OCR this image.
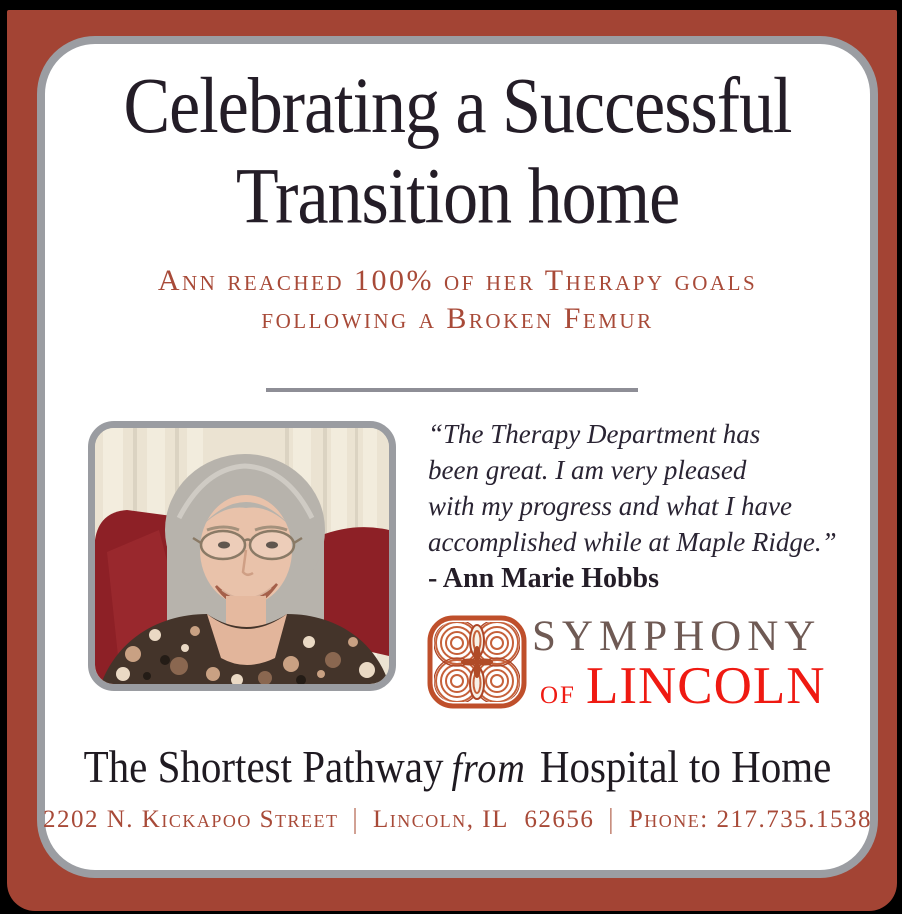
Celebrating a Successful
Transition home
Ann reached 100% of her Therapy goals
following a Broken Femur
“The Therapy Department has
been great. I am very pleased
with my progress and what I have
accomplished while at Maple Ridge.”
- Ann Marie Hobbs
SYMPHONY
OF LINCOLN
The Shortest Pathway from Hospital to Home
2202 N. Kickapoo Street | Lincoln, IL  62656 | Phone: 217.735.1538
